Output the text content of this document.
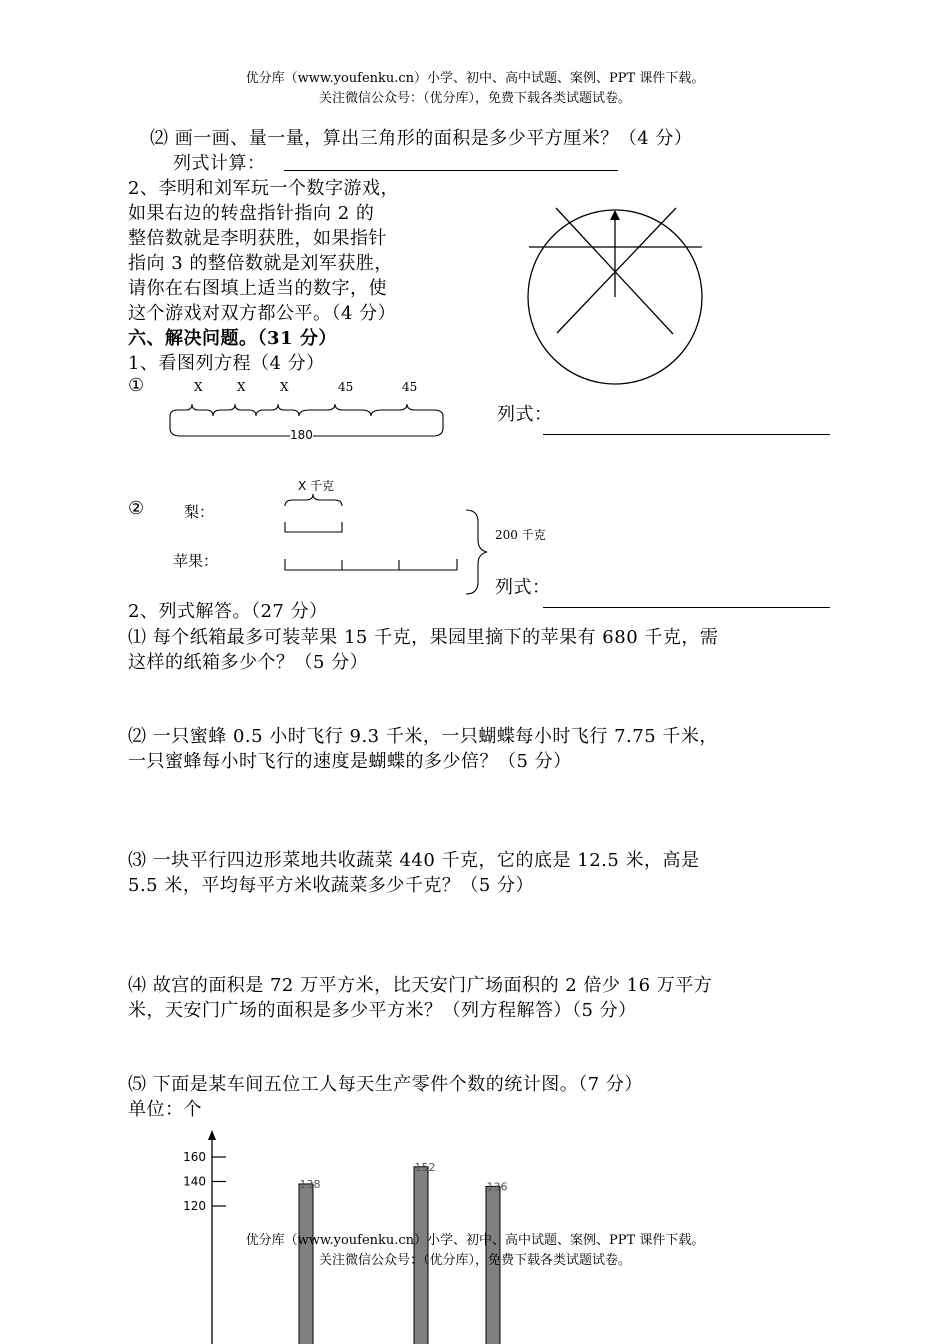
优分库（www.youfenku.cn）小学、初中、高中试题、案例、PPT 课件下载。
关注微信公众号：（优分库），免费下载各类试题试卷。
⑵ 画一画、量一量，算出三角形的面积是多少平方厘米？（4 分）
列式计算：
2、李明和刘军玩一个数字游戏，
如果右边的转盘指针指向 2 的
整倍数就是李明获胜，如果指针
指向 3 的整倍数就是刘军获胜，
请你在右图填上适当的数字，使
这个游戏对双方都公平。（4 分）
六、解决问题。（31 分）
1、看图列方程（4 分）
①	X	X	X	45	45
180
列式：
X 千克
②	梨：
苹果：
200 千克
列式：
2、列式解答。（27 分）
⑴ 每个纸箱最多可装苹果 15 千克，果园里摘下的苹果有 680 千克，需
这样的纸箱多少个？（5 分）
⑵ 一只蜜蜂 0.5 小时飞行 9.3 千米，一只蝴蝶每小时飞行 7.75 千米，
一只蜜蜂每小时飞行的速度是蝴蝶的多少倍？（5 分）
⑶ 一块平行四边形菜地共收蔬菜 440 千克，它的底是 12.5 米，高是
5.5 米，平均每平方米收蔬菜多少千克？（5 分）
⑷ 故宫的面积是 72 万平方米，比天安门广场面积的 2 倍少 16 万平方
米，天安门广场的面积是多少平方米？（列方程解答）（5 分）
⑸ 下面是某车间五位工人每天生产零件个数的统计图。（7 分）
单位：个
160
140
120
138
152
136
优分库（www.youfenku.cn）小学、初中、高中试题、案例、PPT 课件下载。
关注微信公众号：（优分库），免费下载各类试题试卷。
